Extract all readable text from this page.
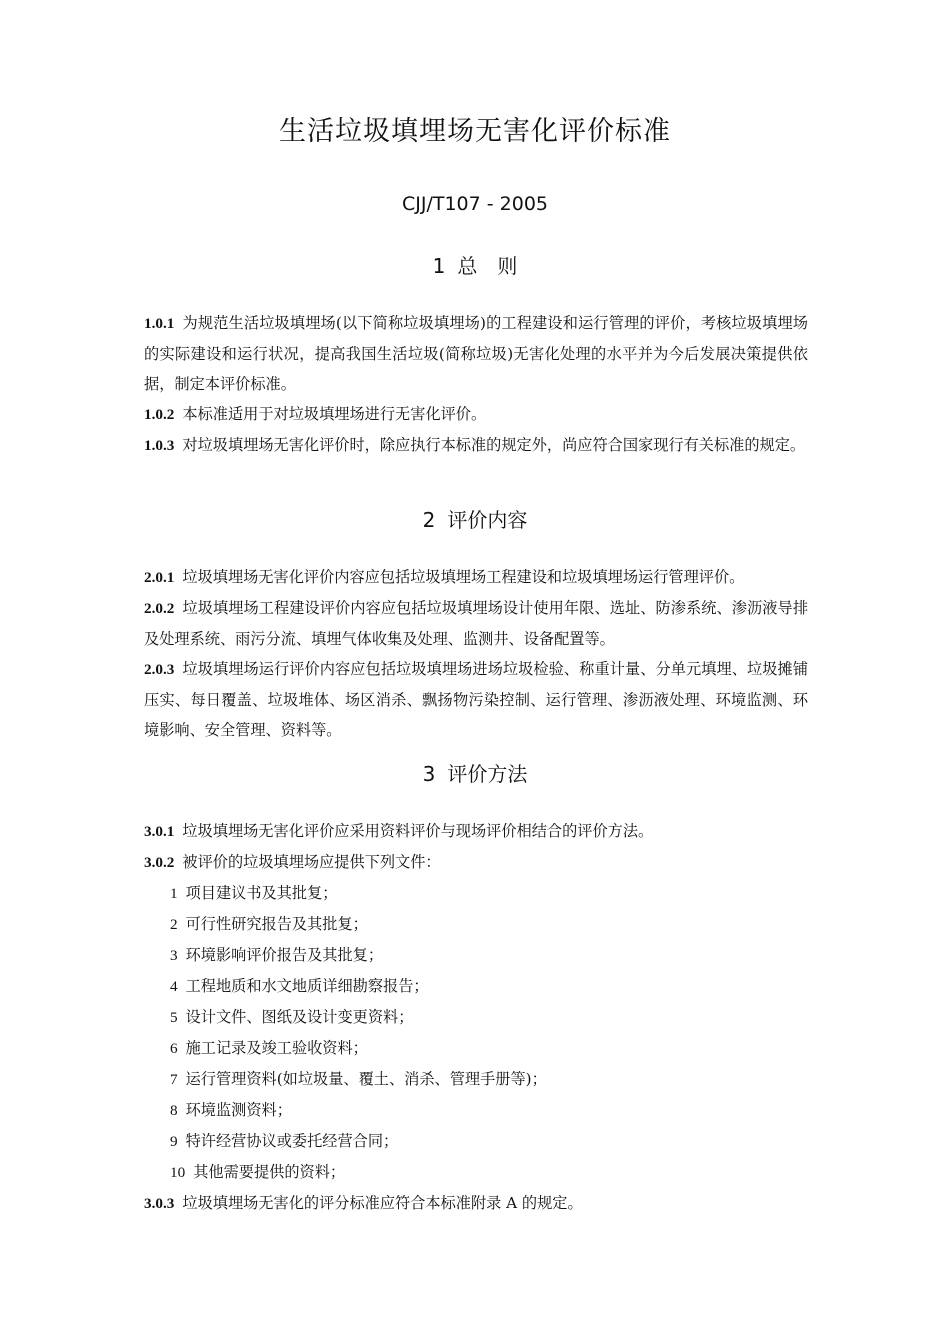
生活垃圾填埋场无害化评价标准
CJJ/T107 - 2005
1 总　则

1.0.1 为规范生活垃圾填埋场(以下简称垃圾填埋场)的工程建设和运行管理的评价，考核垃圾填埋场的实际建设和运行状况，提高我国生活垃圾(简称垃圾)无害化处理的水平并为今后发展决策提供依据，制定本评价标准。

1.0.2 本标准适用于对垃圾填埋场进行无害化评价。

1.0.3 对垃圾填埋场无害化评价时，除应执行本标准的规定外，尚应符合国家现行有关标准的规定。

2 评价内容

2.0.1 垃圾填埋场无害化评价内容应包括垃圾填埋场工程建设和垃圾填埋场运行管理评价。

2.0.2 垃圾填埋场工程建设评价内容应包括垃圾填埋场设计使用年限、选址、防渗系统、渗沥液导排及处理系统、雨污分流、填埋气体收集及处理、监测井、设备配置等。

2.0.3 垃圾填埋场运行评价内容应包括垃圾填埋场进场垃圾检验、称重计量、分单元填埋、垃圾摊铺压实、每日覆盖、垃圾堆体、场区消杀、飘扬物污染控制、运行管理、渗沥液处理、环境监测、环境影响、安全管理、资料等。

3 评价方法

3.0.1 垃圾填埋场无害化评价应采用资料评价与现场评价相结合的评价方法。

3.0.2 被评价的垃圾填埋场应提供下列文件：

1 项目建议书及其批复；

2 可行性研究报告及其批复；

3 环境影响评价报告及其批复；

4 工程地质和水文地质详细勘察报告；

5 设计文件、图纸及设计变更资料；

6 施工记录及竣工验收资料；

7 运行管理资料(如垃圾量、覆土、消杀、管理手册等)；

8 环境监测资料；

9 特许经营协议或委托经营合同；

10 其他需要提供的资料；

3.0.3 垃圾填埋场无害化的评分标准应符合本标准附录 A 的规定。
